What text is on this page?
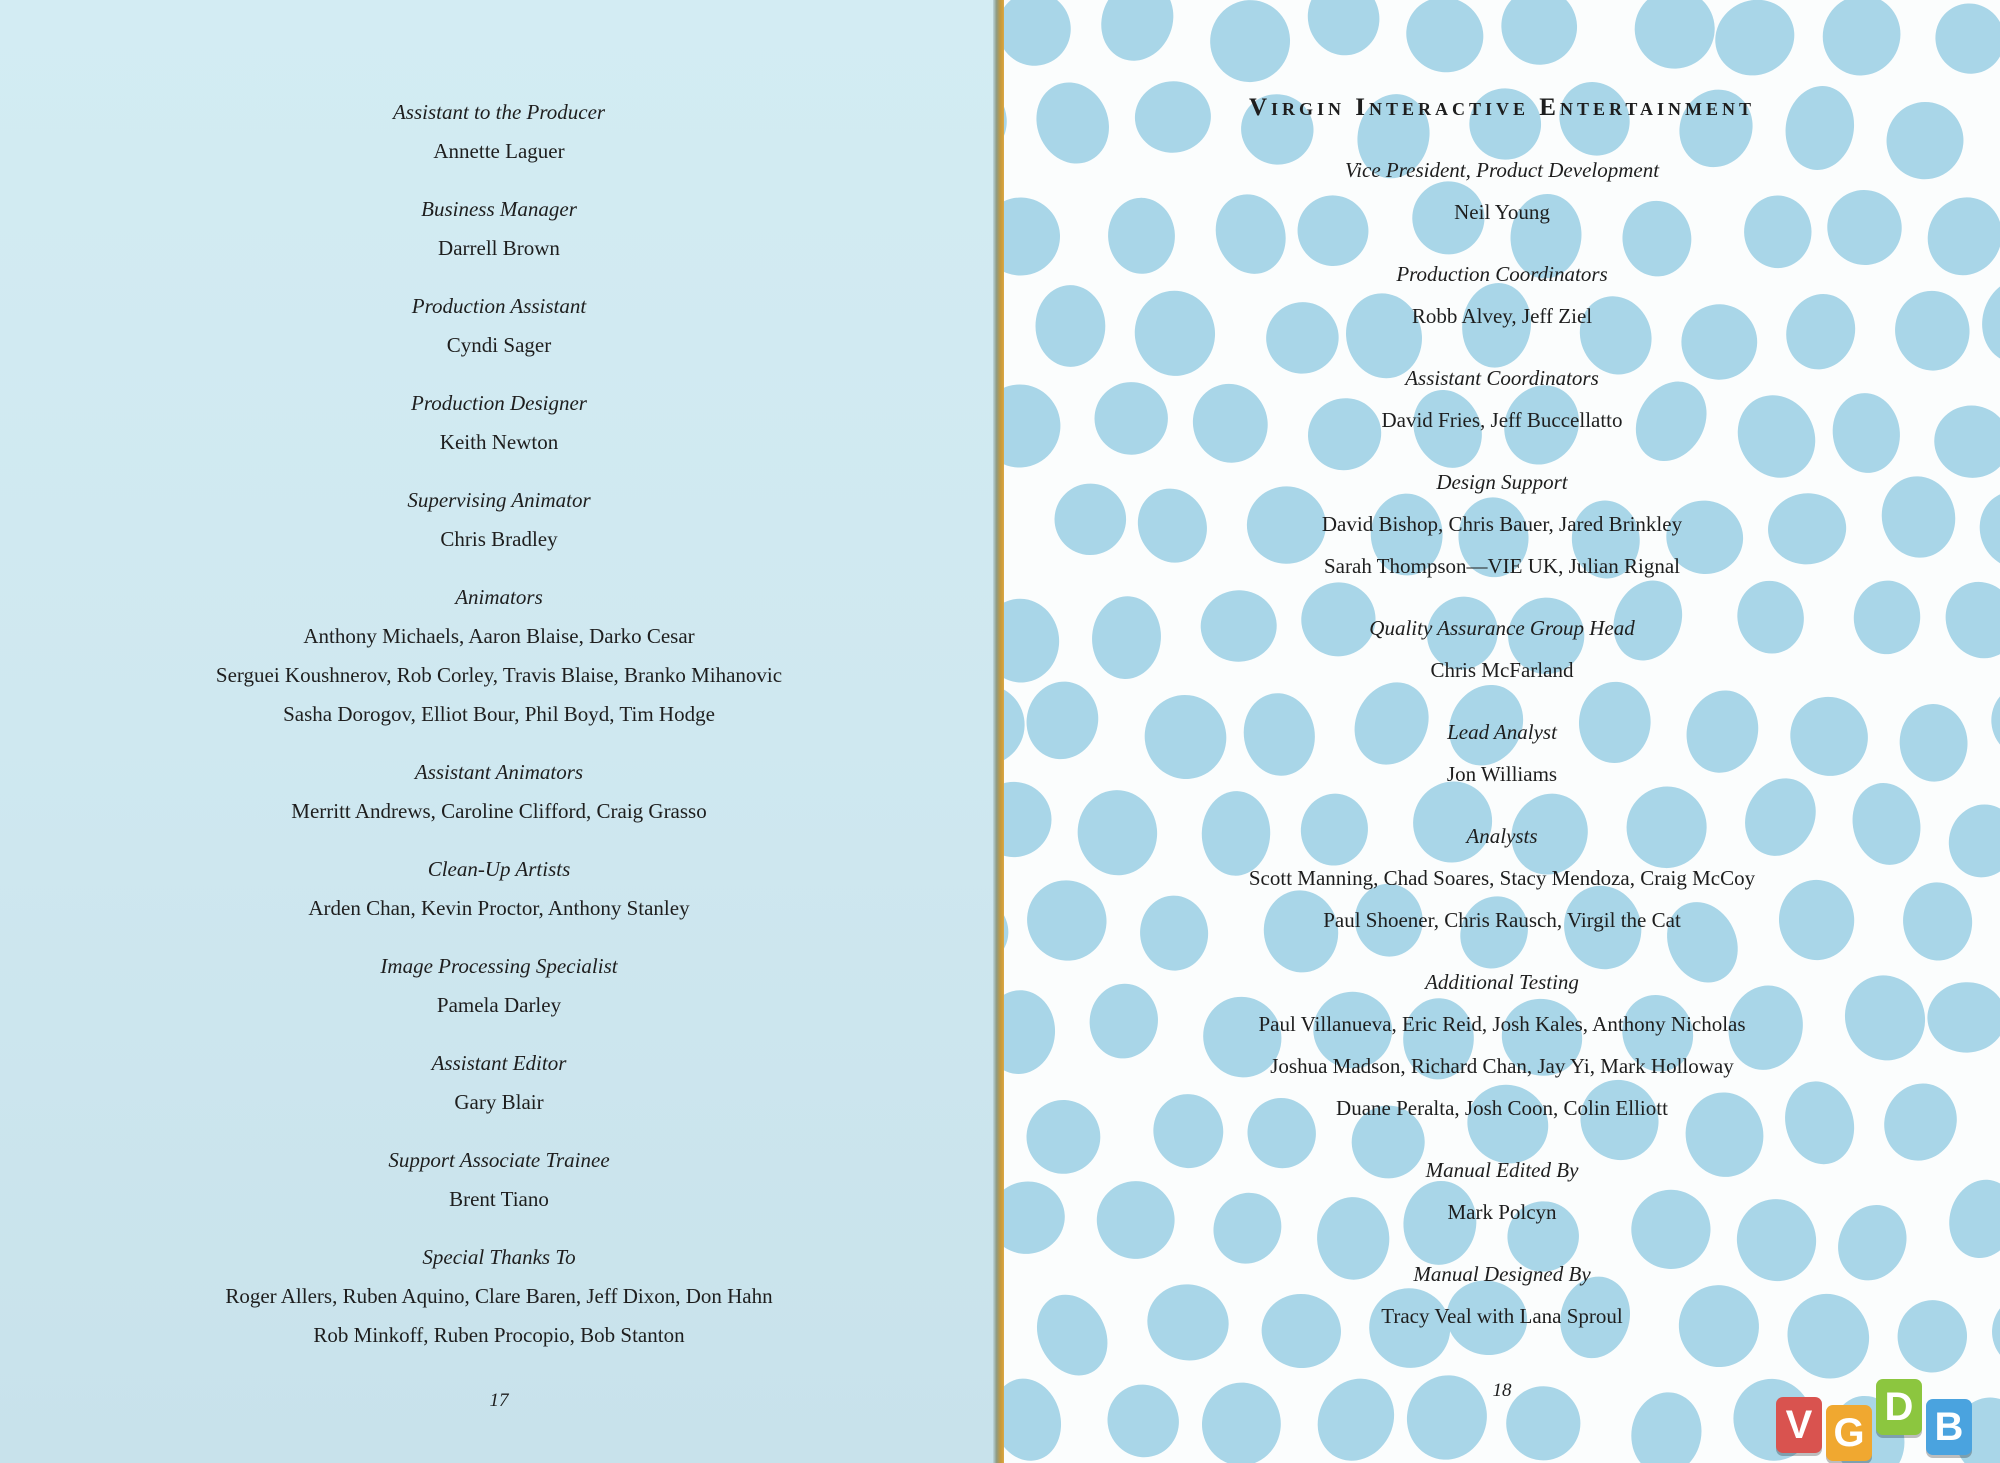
Assistant to the Producer
Annette Laguer
Business Manager
Darrell Brown
Production Assistant
Cyndi Sager
Production Designer
Keith Newton
Supervising Animator
Chris Bradley
Animators
Anthony Michaels, Aaron Blaise, Darko Cesar
Serguei Koushnerov, Rob Corley, Travis Blaise, Branko Mihanovic
Sasha Dorogov, Elliot Bour, Phil Boyd, Tim Hodge
Assistant Animators
Merritt Andrews, Caroline Clifford, Craig Grasso
Clean-Up Artists
Arden Chan, Kevin Proctor, Anthony Stanley
Image Processing Specialist
Pamela Darley
Assistant Editor
Gary Blair
Support Associate Trainee
Brent Tiano
Special Thanks To
Roger Allers, Ruben Aquino, Clare Baren, Jeff Dixon, Don Hahn
Rob Minkoff, Ruben Procopio, Bob Stanton
17
Virgin Interactive Entertainment
Vice President, Product Development
Neil Young
Production Coordinators
Robb Alvey, Jeff Ziel
Assistant Coordinators
David Fries, Jeff Buccellatto
Design Support
David Bishop, Chris Bauer, Jared Brinkley
Sarah Thompson—VIE UK, Julian Rignal
Quality Assurance Group Head
Chris McFarland
Lead Analyst
Jon Williams
Analysts
Scott Manning, Chad Soares, Stacy Mendoza, Craig McCoy
Paul Shoener, Chris Rausch, Virgil the Cat
Additional Testing
Paul Villanueva, Eric Reid, Josh Kales, Anthony Nicholas
Joshua Madson, Richard Chan, Jay Yi, Mark Holloway
Duane Peralta, Josh Coon, Colin Elliott
Manual Edited By
Mark Polcyn
Manual Designed By
Tracy Veal with Lana Sproul
18
V G
D B
